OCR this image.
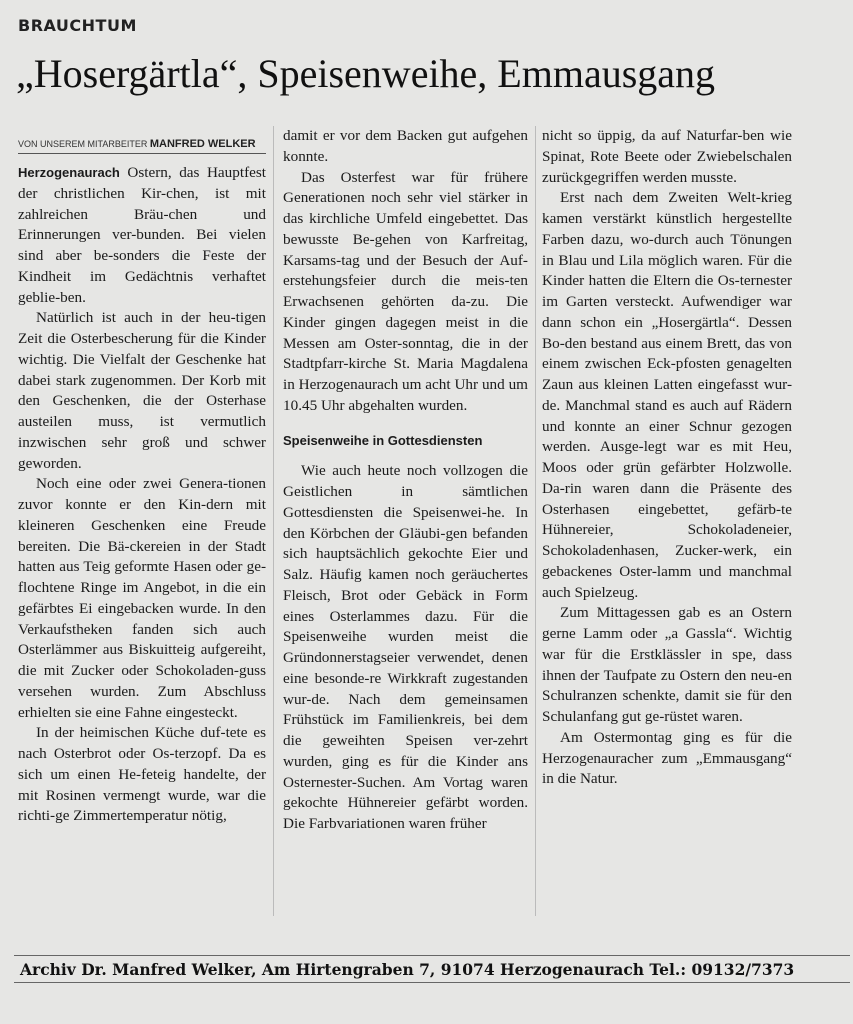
BRAUCHTUM
„Hosergärtla“, Speisenweihe, Emmausgang
VON UNSEREM MITARBEITER MANFRED WELKER

Herzogenaurach Ostern, das Hauptfest der christlichen Kir-chen, ist mit zahlreichen Bräu-chen und Erinnerungen ver-bunden. Bei vielen sind aber be-sonders die Feste der Kindheit im Gedächtnis verhaftet geblie-ben.

Natürlich ist auch in der heu-tigen Zeit die Osterbescherung für die Kinder wichtig. Die Vielfalt der Geschenke hat dabei stark zugenommen. Der Korb mit den Geschenken, die der Osterhase austeilen muss, ist vermutlich inzwischen sehr groß und schwer geworden.

Noch eine oder zwei Genera-tionen zuvor konnte er den Kin-dern mit kleineren Geschenken eine Freude bereiten. Die Bä-ckereien in der Stadt hatten aus Teig geformte Hasen oder ge-flochtene Ringe im Angebot, in die ein gefärbtes Ei eingebacken wurde. In den Verkaufstheken fanden sich auch Osterlämmer aus Biskuitteig aufgereiht, die mit Zucker oder Schokoladen-guss versehen wurden. Zum Abschluss erhielten sie eine Fahne eingesteckt.

In der heimischen Küche duf-tete es nach Osterbrot oder Os-terzopf. Da es sich um einen He-feteig handelte, der mit Rosinen vermengt wurde, war die richti-ge Zimmertemperatur nötig,

damit er vor dem Backen gut aufgehen konnte.

Das Osterfest war für frühere Generationen noch sehr viel stärker in das kirchliche Umfeld eingebettet. Das bewusste Be-gehen von Karfreitag, Karsams-tag und der Besuch der Auf-erstehungsfeier durch die meis-ten Erwachsenen gehörten da-zu. Die Kinder gingen dagegen meist in die Messen am Oster-sonntag, die in der Stadtpfarr-kirche St. Maria Magdalena in Herzogenaurach um acht Uhr und um 10.45 Uhr abgehalten wurden.

Speisenweihe in Gottesdiensten

Wie auch heute noch vollzogen die Geistlichen in sämtlichen Gottesdiensten die Speisenwei-he. In den Körbchen der Gläubi-gen befanden sich hauptsächlich gekochte Eier und Salz. Häufig kamen noch geräuchertes Fleisch, Brot oder Gebäck in Form eines Osterlammes dazu. Für die Speisenweihe wurden meist die Gründonnerstagseier verwendet, denen eine besonde-re Wirkkraft zugestanden wur-de. Nach dem gemeinsamen Frühstück im Familienkreis, bei dem die geweihten Speisen ver-zehrt wurden, ging es für die Kinder ans Osternester-Suchen. Am Vortag waren gekochte Hühnereier gefärbt worden. Die Farbvariationen waren früher

nicht so üppig, da auf Naturfar-ben wie Spinat, Rote Beete oder Zwiebelschalen zurückgegriffen werden musste.

Erst nach dem Zweiten Welt-krieg kamen verstärkt künstlich hergestellte Farben dazu, wo-durch auch Tönungen in Blau und Lila möglich waren. Für die Kinder hatten die Eltern die Os-ternester im Garten versteckt. Aufwendiger war dann schon ein „Hosergärtla“. Dessen Bo-den bestand aus einem Brett, das von einem zwischen Eck-pfosten genagelten Zaun aus kleinen Latten eingefasst wur-de. Manchmal stand es auch auf Rädern und konnte an einer Schnur gezogen werden. Ausge-legt war es mit Heu, Moos oder grün gefärbter Holzwolle. Da-rin waren dann die Präsente des Osterhasen eingebettet, gefärb-te Hühnereier, Schokoladeneier, Schokoladenhasen, Zucker-werk, ein gebackenes Oster-lamm und manchmal auch Spielzeug.

Zum Mittagessen gab es an Ostern gerne Lamm oder „a Gassla“. Wichtig war für die Erstklässler in spe, dass ihnen der Taufpate zu Ostern den neu-en Schulranzen schenkte, damit sie für den Schulanfang gut ge-rüstet waren.

Am Ostermontag ging es für die Herzogenauracher zum „Emmausgang“ in die Natur.

Archiv Dr. Manfred Welker, Am Hirtengraben 7, 91074 Herzogenaurach Tel.: 09132/7373
